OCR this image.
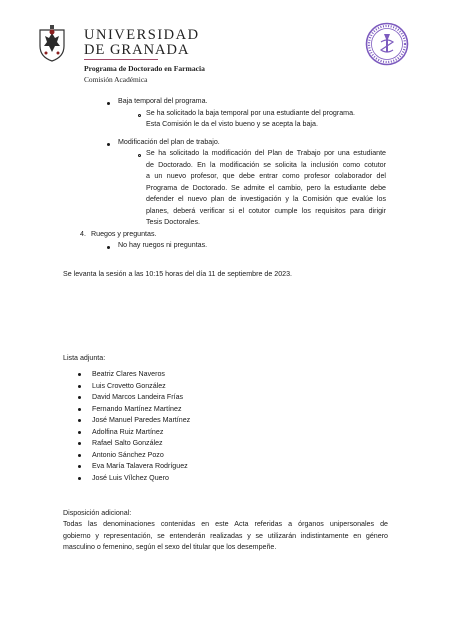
UNIVERSIDAD
DE GRANADA
Programa de Doctorado en Farmacia
Comisión Académica
Baja temporal del programa.
Se ha solicitado la baja temporal por una estudiante del programa.
Esta Comisión le da el visto bueno y se acepta la baja.
Modificación del plan de trabajo.
Se ha solicitado la modificación del Plan de Trabajo por una estudiante
de Doctorado. En la modificación se solicita la inclusión como cotutor
a un nuevo profesor, que debe entrar como profesor colaborador del
Programa de Doctorado. Se admite el cambio, pero la estudiante debe
defender el nuevo plan de investigación y la Comisión que evalúe los
planes, deberá verificar si el cotutor cumple los requisitos para dirigir
Tesis Doctorales.
4. Ruegos y preguntas.
No hay ruegos ni preguntas.
Se levanta la sesión a las 10:15 horas del día 11 de septiembre de 2023.
Lista adjunta:
Beatriz Clares Naveros
Luis Crovetto González
David Marcos Landeira Frías
Fernando Martínez Martínez
José Manuel Paredes Martínez
Adolfina Ruiz Martínez
Rafael Salto González
Antonio Sánchez Pozo
Eva María Talavera Rodríguez
José Luis Vílchez Quero
Disposición adicional:
Todas las denominaciones contenidas en este Acta referidas a órganos unipersonales de
gobierno y representación, se entenderán realizadas y se utilizarán indistintamente en género
masculino o femenino, según el sexo del titular que los desempeñe.
